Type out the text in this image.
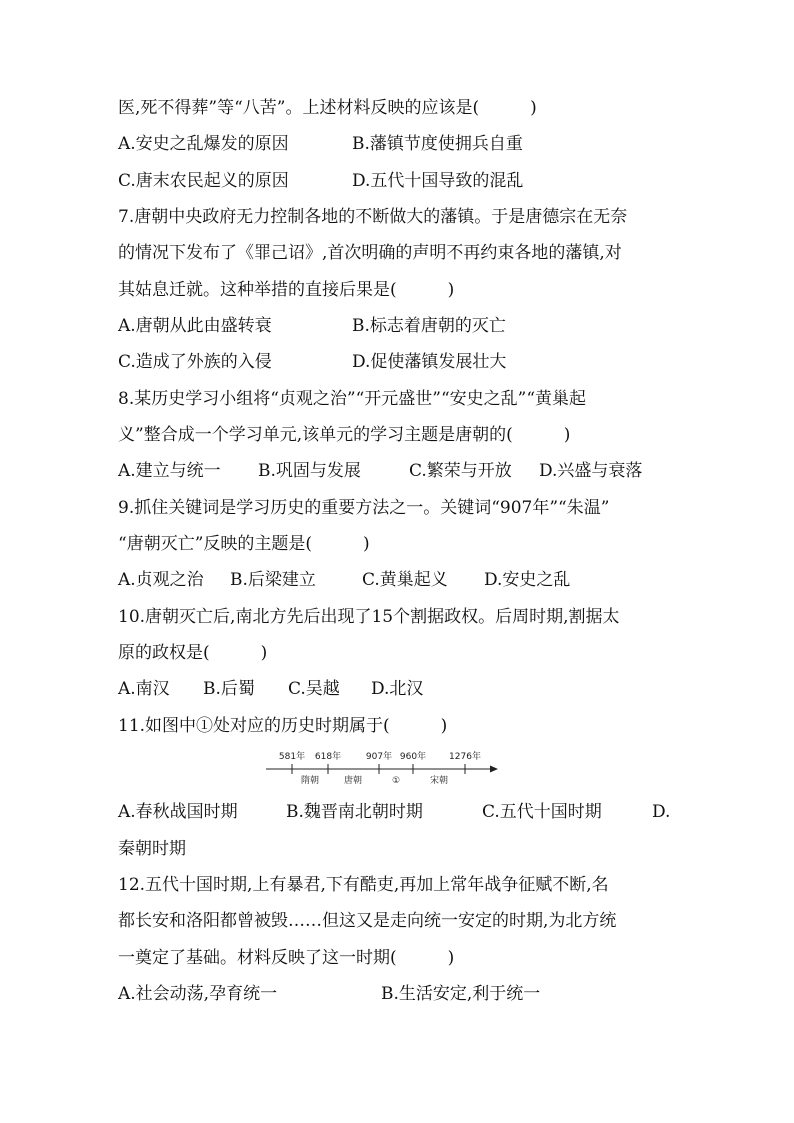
医,死不得葬”等“八苦”。上述材料反映的应该是(　　　)
A.安史之乱爆发的原因	B.藩镇节度使拥兵自重
C.唐末农民起义的原因	D.五代十国导致的混乱
7.唐朝中央政府无力控制各地的不断做大的藩镇。于是唐德宗在无奈
的情况下发布了《罪己诏》,首次明确的声明不再约束各地的藩镇,对
其姑息迁就。这种举措的直接后果是(　　　)
A.唐朝从此由盛转衰	B.标志着唐朝的灭亡
C.造成了外族的入侵	D.促使藩镇发展壮大
8.某历史学习小组将“贞观之治”“开元盛世”“安史之乱”“黄巢起
义”整合成一个学习单元,该单元的学习主题是唐朝的(　　　)
A.建立与统一 B.巩固与发展	C.繁荣与开放 D.兴盛与衰落
9.抓住关键词是学习历史的重要方法之一。关键词“907年”“朱温”
“唐朝灭亡”反映的主题是(　　　)
A.贞观之治 B.后梁建立	C.黄巢起义 D.安史之乱
10.唐朝灭亡后,南北方先后出现了15个割据政权。后周时期,割据太
原的政权是(　　　)
A.南汉 B.后蜀 C.吴越 D.北汉
11.如图中①处对应的历史时期属于(　　　)
581年 618年	907年 960年	1276年
隋朝	唐朝	①	宋朝
A.春秋战国时期	B.魏晋南北朝时期	C.五代十国时期	D.
秦朝时期
12.五代十国时期,上有暴君,下有酷吏,再加上常年战争征赋不断,名
都长安和洛阳都曾被毁……但这又是走向统一安定的时期,为北方统
一奠定了基础。材料反映了这一时期(　　　)
A.社会动荡,孕育统一	B.生活安定,利于统一
